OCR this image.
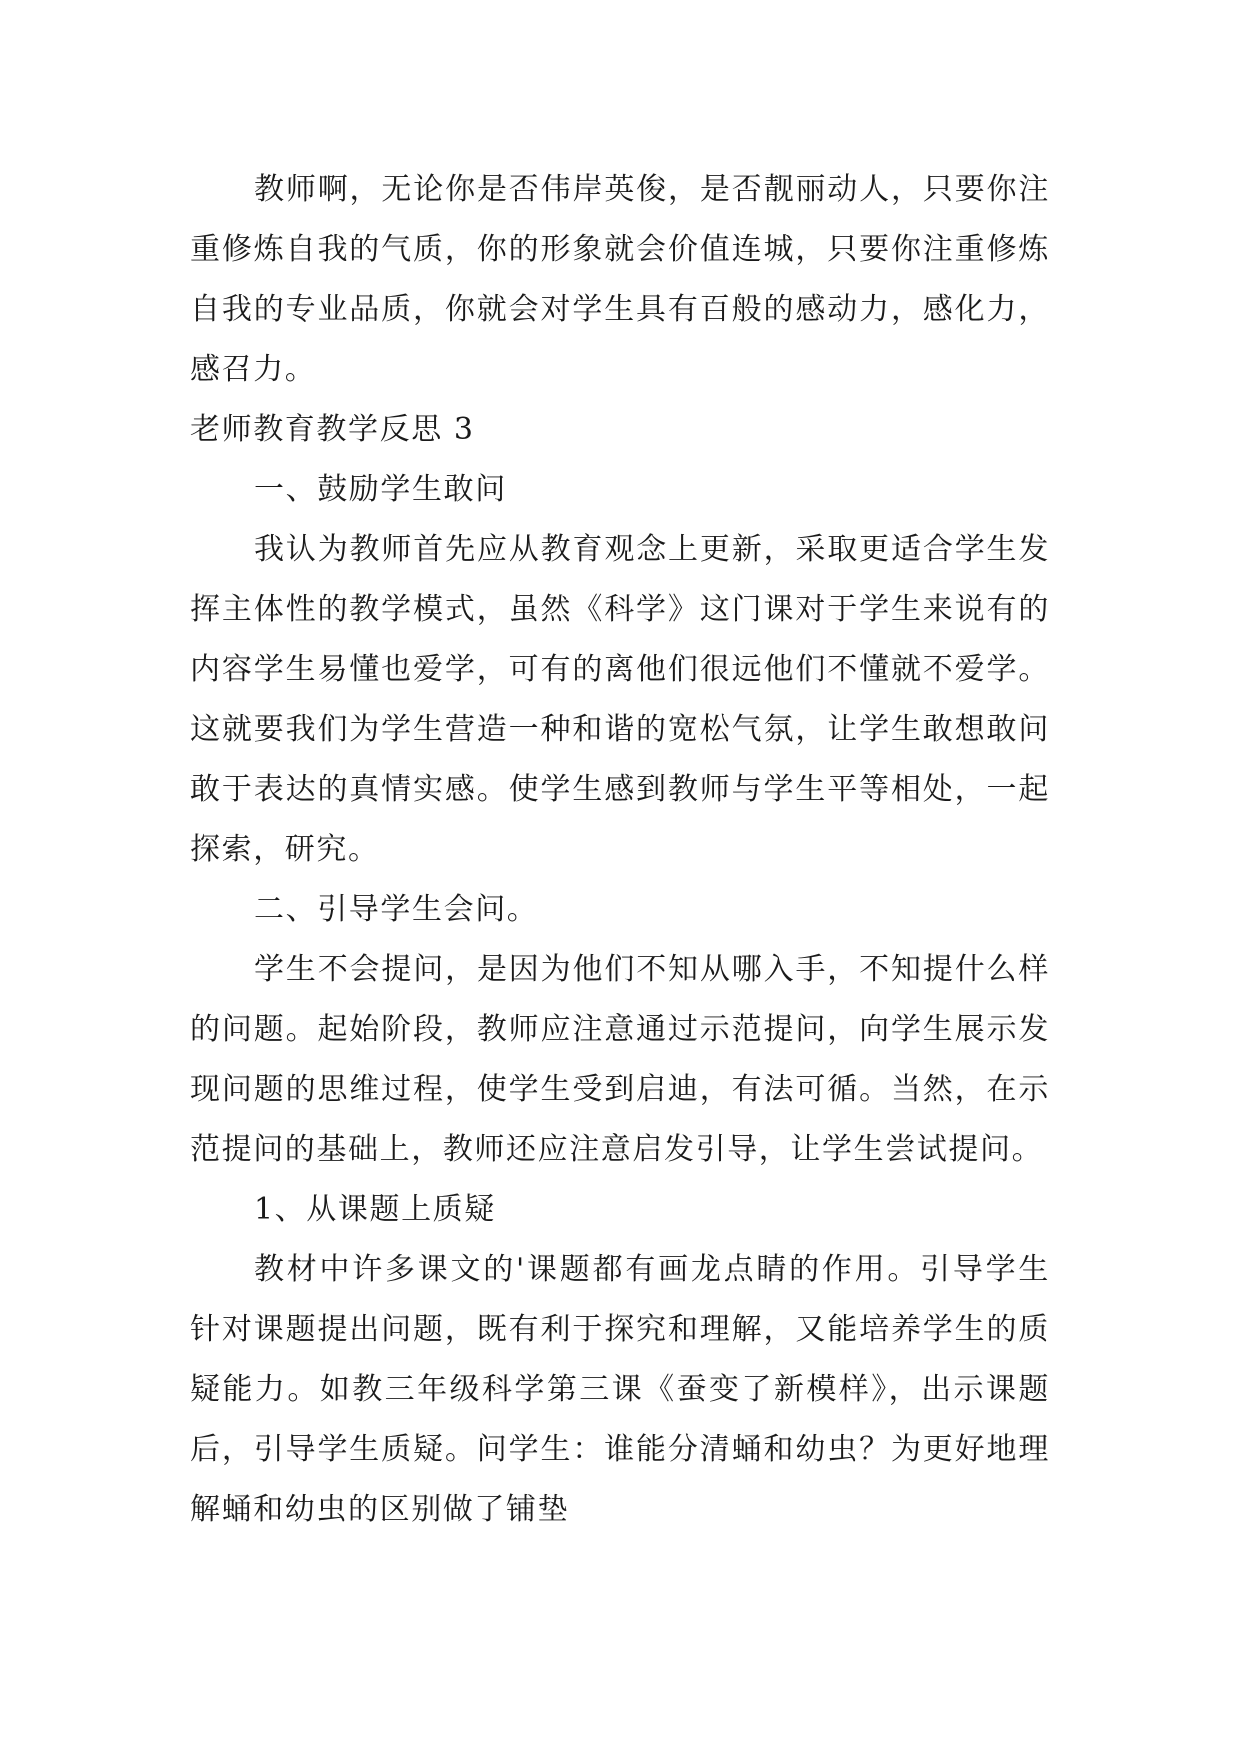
教师啊，无论你是否伟岸英俊，是否靓丽动人，只要你注重修炼自我的气质，你的形象就会价值连城，只要你注重修炼自我的专业品质，你就会对学生具有百般的感动力，感化力，感召力。

老师教育教学反思 3

一、鼓励学生敢问

我认为教师首先应从教育观念上更新，采取更适合学生发挥主体性的教学模式，虽然《科学》这门课对于学生来说有的内容学生易懂也爱学，可有的离他们很远他们不懂就不爱学。这就要我们为学生营造一种和谐的宽松气氛，让学生敢想敢问敢于表达的真情实感。使学生感到教师与学生平等相处，一起探索，研究。

二、引导学生会问。

学生不会提问，是因为他们不知从哪入手，不知提什么样的问题。起始阶段，教师应注意通过示范提问，向学生展示发现问题的思维过程，使学生受到启迪，有法可循。当然，在示范提问的基础上，教师还应注意启发引导，让学生尝试提问。

1、从课题上质疑

教材中许多课文的'课题都有画龙点睛的作用。引导学生针对课题提出问题，既有利于探究和理解，又能培养学生的质疑能力。如教三年级科学第三课《蚕变了新模样》，出示课题后，引导学生质疑。问学生：谁能分清蛹和幼虫？为更好地理解蛹和幼虫的区别做了铺垫
